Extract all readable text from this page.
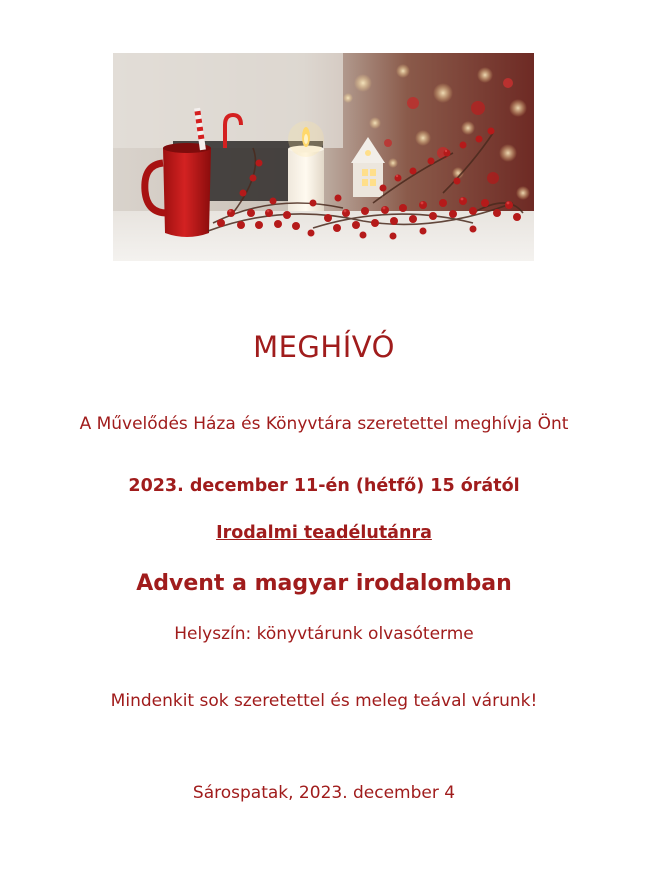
MEGHÍVÓ
A Művelődés Háza és Könyvtára szeretettel meghívja Önt
2023. december 11-én (hétfő) 15 órától
Irodalmi teadélutánra
Advent a magyar irodalomban
Helyszín: könyvtárunk olvasóterme
Mindenkit sok szeretettel és meleg teával várunk!
Sárospatak, 2023. december 4
